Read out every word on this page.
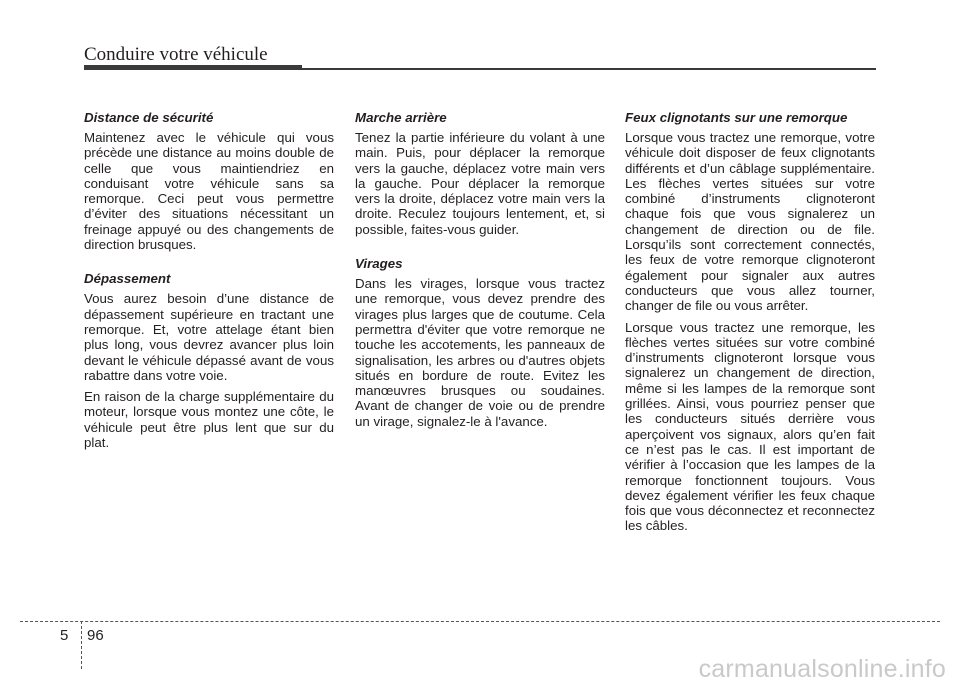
Conduire votre véhicule
Distance de sécurité

Maintenez avec le véhicule qui vous précède une distance au moins double de celle que vous maintiendriez en conduisant votre véhicule sans sa remorque. Ceci peut vous permettre d’éviter des situations nécessitant un freinage appuyé ou des changements de direction brusques.

Dépassement

Vous aurez besoin d’une distance de dépassement supérieure en tractant une remorque. Et, votre attelage étant bien plus long, vous devrez avancer plus loin devant le véhicule dépassé avant de vous rabattre dans votre voie.

En raison de la charge supplémentaire du moteur, lorsque vous montez une côte, le véhicule peut être plus lent que sur du plat.

Marche arrière

Tenez la partie inférieure du volant à une main. Puis, pour déplacer la remorque vers la gauche, déplacez votre main vers la gauche. Pour déplacer la remorque vers la droite, déplacez votre main vers la droite. Reculez toujours lentement, et, si possible, faites-vous guider.

Virages

Dans les virages, lorsque vous tractez une remorque, vous devez prendre des virages plus larges que de coutume. Cela permettra d'éviter que votre remorque ne touche les accotements, les panneaux de signalisation, les arbres ou d'autres objets situés en bordure de route. Evitez les manœuvres brusques ou soudaines. Avant de changer de voie ou de prendre un virage, signalez-le à l'avance.

Feux clignotants sur une remorque

Lorsque vous tractez une remorque, votre véhicule doit disposer de feux clignotants différents et d’un câblage supplémentaire. Les flèches vertes situées sur votre combiné d’instruments clignoteront chaque fois que vous signalerez un changement de direction ou de file. Lorsqu’ils sont correctement connectés, les feux de votre remorque clignoteront également pour signaler aux autres conducteurs que vous allez tourner, changer de file ou vous arrêter.

Lorsque vous tractez une remorque, les flèches vertes situées sur votre combiné d’instruments clignoteront lorsque vous signalerez un changement de direction, même si les lampes de la remorque sont grillées. Ainsi, vous pourriez penser que les conducteurs situés derrière vous aperçoivent vos signaux, alors qu’en fait ce n’est pas le cas. Il est important de vérifier à l’occasion que les lampes de la remorque fonctionnent toujours. Vous devez également vérifier les feux chaque fois que vous déconnectez et reconnectez les câbles.

5 96
carmanualsonline.info
